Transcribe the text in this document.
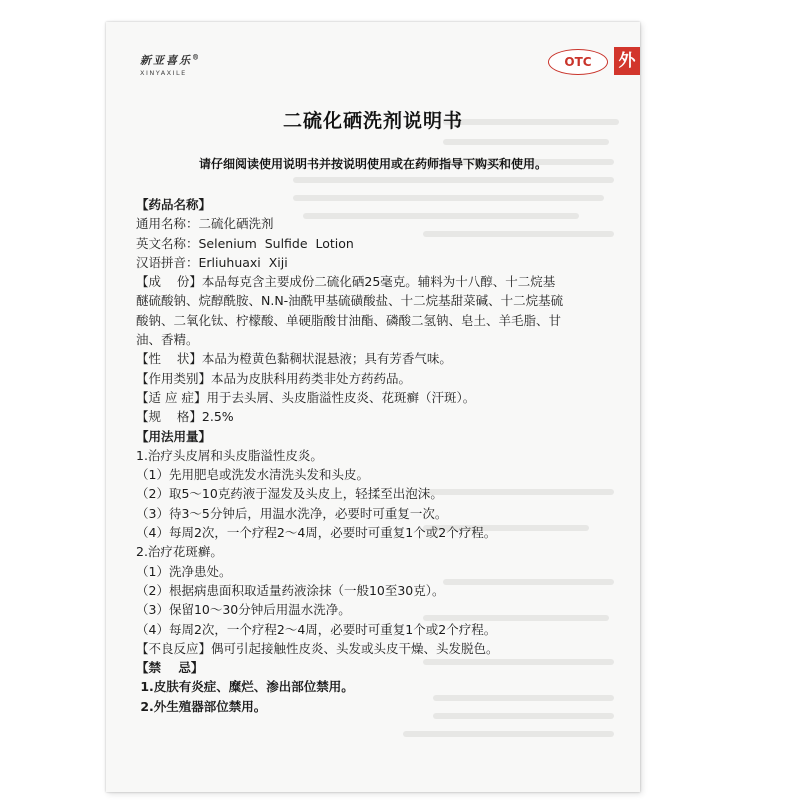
新亚喜乐®
XINYAXILE
OTC	外
二硫化硒洗剂说明书
请仔细阅读使用说明书并按说明使用或在药师指导下购买和使用。
【药品名称】
通用名称：二硫化硒洗剂
英文名称：Selenium  Sulfide  Lotion
汉语拼音：Erliuhuaxi  Xiji
【成    份】本品每克含主要成份二硫化硒25毫克。辅料为十八醇、十二烷基
醚硫酸钠、烷醇酰胺、N.N-油酰甲基硫磺酸盐、十二烷基甜菜碱、十二烷基硫
酸钠、二氧化钛、柠檬酸、单硬脂酸甘油酯、磷酸二氢钠、皂土、羊毛脂、甘
油、香精。
【性    状】本品为橙黄色黏稠状混悬液；具有芳香气味。
【作用类别】本品为皮肤科用药类非处方药药品。
【适 应 症】用于去头屑、头皮脂溢性皮炎、花斑癣（汗斑）。
【规    格】2.5%
【用法用量】
1.治疗头皮屑和头皮脂溢性皮炎。
（1）先用肥皂或洗发水清洗头发和头皮。
（2）取5～10克药液于湿发及头皮上，轻揉至出泡沫。
（3）待3～5分钟后，用温水洗净，必要时可重复一次。
（4）每周2次，一个疗程2～4周，必要时可重复1个或2个疗程。
2.治疗花斑癣。
（1）洗净患处。
（2）根据病患面积取适量药液涂抹（一般10至30克）。
（3）保留10～30分钟后用温水洗净。
（4）每周2次，一个疗程2～4周，必要时可重复1个或2个疗程。
【不良反应】偶可引起接触性皮炎、头发或头皮干燥、头发脱色。
【禁    忌】
1.皮肤有炎症、糜烂、渗出部位禁用。
2.外生殖器部位禁用。
